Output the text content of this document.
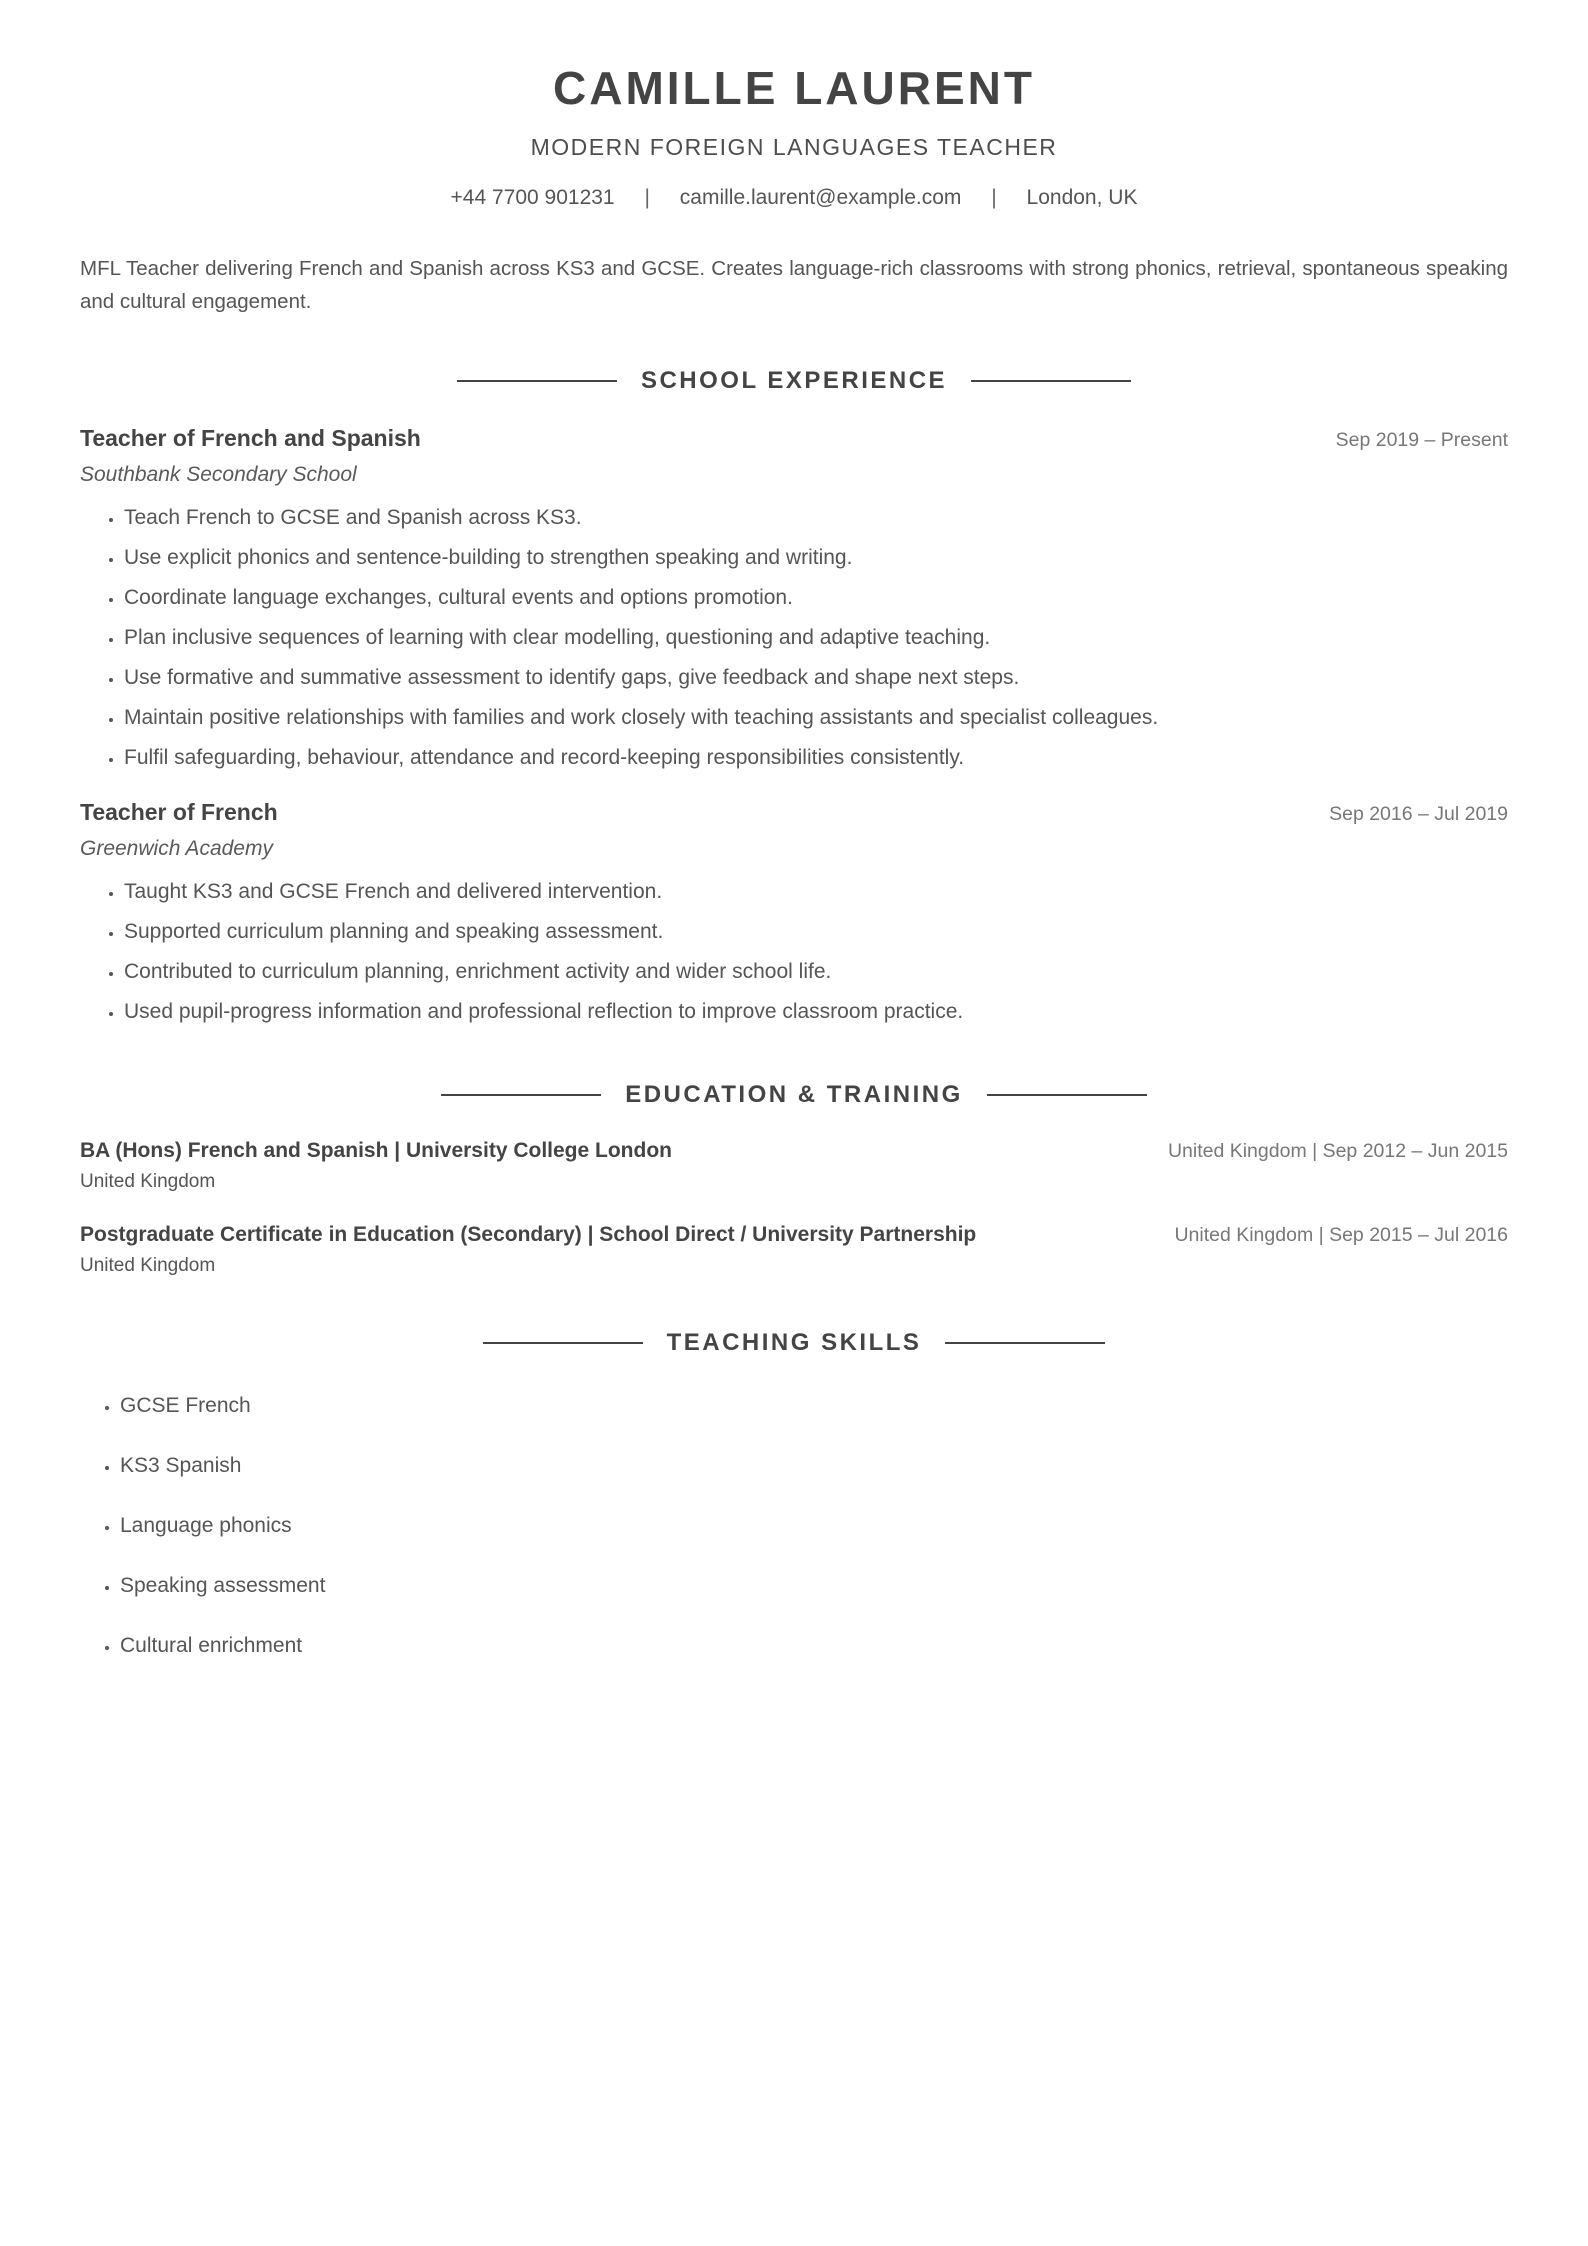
CAMILLE LAURENT
MODERN FOREIGN LANGUAGES TEACHER
+44 7700 901231 | camille.laurent@example.com | London, UK
MFL Teacher delivering French and Spanish across KS3 and GCSE. Creates language-rich classrooms with strong phonics, retrieval, spontaneous speaking and cultural engagement.
SCHOOL EXPERIENCE
Teacher of French and Spanish	Sep 2019 – Present
Southbank Secondary School
• Teach French to GCSE and Spanish across KS3.
• Use explicit phonics and sentence-building to strengthen speaking and writing.
• Coordinate language exchanges, cultural events and options promotion.
• Plan inclusive sequences of learning with clear modelling, questioning and adaptive teaching.
• Use formative and summative assessment to identify gaps, give feedback and shape next steps.
• Maintain positive relationships with families and work closely with teaching assistants and specialist colleagues.
• Fulfil safeguarding, behaviour, attendance and record-keeping responsibilities consistently.
Teacher of French	Sep 2016 – Jul 2019
Greenwich Academy
• Taught KS3 and GCSE French and delivered intervention.
• Supported curriculum planning and speaking assessment.
• Contributed to curriculum planning, enrichment activity and wider school life.
• Used pupil-progress information and professional reflection to improve classroom practice.
EDUCATION & TRAINING
BA (Hons) French and Spanish | University College London	United Kingdom | Sep 2012 – Jun 2015
United Kingdom
Postgraduate Certificate in Education (Secondary) | School Direct / University Partnership	United Kingdom | Sep 2015 – Jul 2016
United Kingdom
TEACHING SKILLS
• GCSE French
• KS3 Spanish
• Language phonics
• Speaking assessment
• Cultural enrichment
